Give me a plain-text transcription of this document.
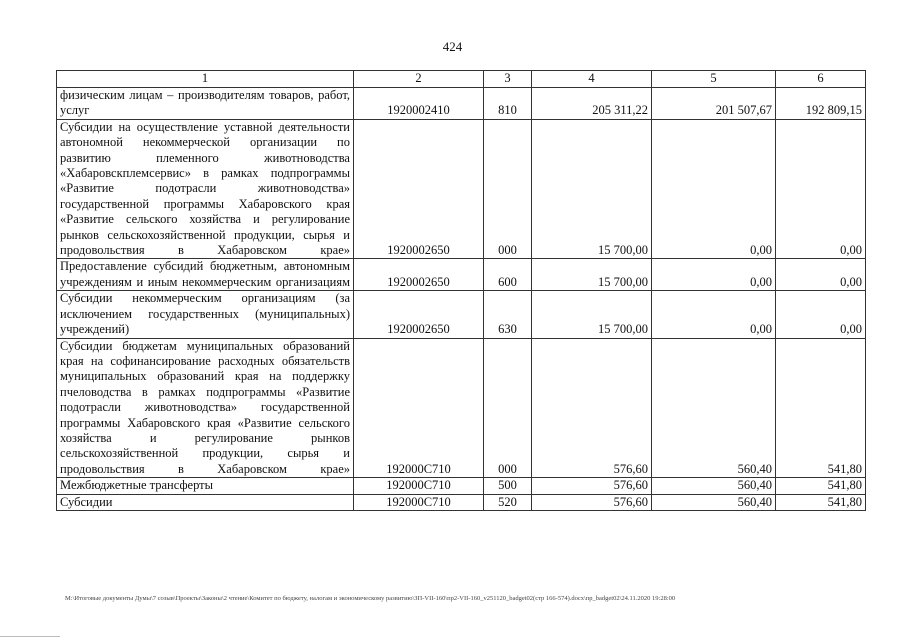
424
1	2	3	4	5	6
физическим лицам – производителям товаров, работ, услуг	1920002410	810	205 311,22	201 507,67	192 809,15
Субсидии на осуществление уставной деятельности автономной некоммерческой организации по развитию племенного животноводства «Хабаровскплемсервис» в рамках подпрограммы «Развитие подотрасли животноводства» государственной программы Хабаровского края «Развитие сельского хозяйства и регулирование рынков сельскохозяйственной продукции, сырья и продовольствия в Хабаровском крае»	1920002650	000	15 700,00	0,00	0,00
Предоставление субсидий бюджетным, автономным учреждениям и иным некоммерческим организациям	1920002650	600	15 700,00	0,00	0,00
Субсидии некоммерческим организациям (за исключением государственных (муниципальных) учреждений)	1920002650	630	15 700,00	0,00	0,00
Субсидии бюджетам муниципальных образований края на софинансирование расходных обязательств муниципальных образований края на поддержку пчеловодства в рамках подпрограммы «Развитие подотрасли животноводства» государственной программы Хабаровского края «Развитие сельского хозяйства и регулирование рынков сельскохозяйственной продукции, сырья и продовольствия в Хабаровском крае»	192000С710	000	576,60	560,40	541,80
Межбюджетные трансферты	192000С710	500	576,60	560,40	541,80
Субсидии	192000С710	520	576,60	560,40	541,80
M:\Итоговые документы Думы\7 созыв\Проекты\Законы\2 чтение\Комитет по бюджету, налогам и экономическому развитию\ЗП-VII-160\пр2-VII-160_v251120_badget02(стр 166-574).docx\пр_badget02\24.11.2020 19:28:00
